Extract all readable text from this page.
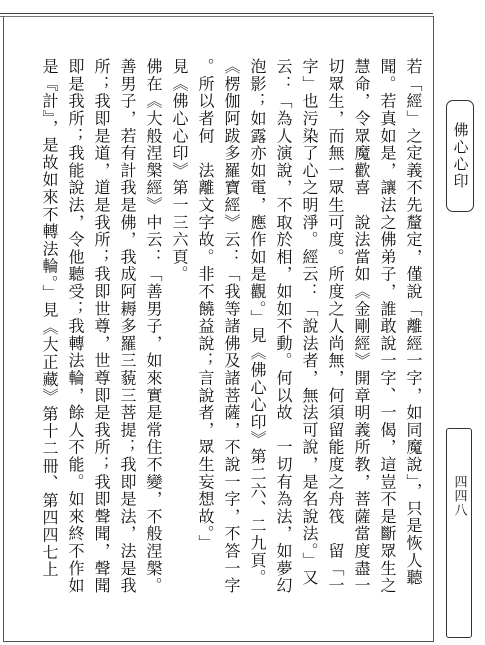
佛心心印
四四八
若「經」之定義不先釐定，僅說「離經一字，如同魔說」，只是恢人聽
聞。若真如是，讓法之佛弟子，誰敢說一字、一偈，這豈不是斷眾生之
慧命，令眾魔歡喜　說法當如《金剛經》開章明義所教，菩薩當度盡一
切眾生，而無一眾生可度。所度之人尚無，何須留能度之舟筏　留「一
字」也污染了心之明淨。經云：「說法者，無法可說，是名說法。」又
云：「為人演說，不取於相，如如不動。何以故　一切有為法，如夢幻
泡影；如露亦如電，應作如是觀。」見《佛心心印》第二六、二九頁。
《楞伽阿跋多羅寶經》云：「我等諸佛及諸菩薩，不說一字，不答一字
。所以者何　法離文字故。非不饒益說；言說者，眾生妄想故。」
見《佛心心印》第一三六頁。
佛在《大般涅槃經》中云：「善男子，如來實是常住不變，不般涅槃。
善男子，若有計我是佛，我成阿耨多羅三藐三菩提；我即是法，法是我
所；我即是道，道是我所；我即世尊，世尊即是我所；我即聲聞，聲聞
即是我所；我能說法，令他聽受；我轉法輪，餘人不能。如來終不作如
是『計』，是故如來不轉法輪。」見《大正藏》第十二冊、第四四七上
